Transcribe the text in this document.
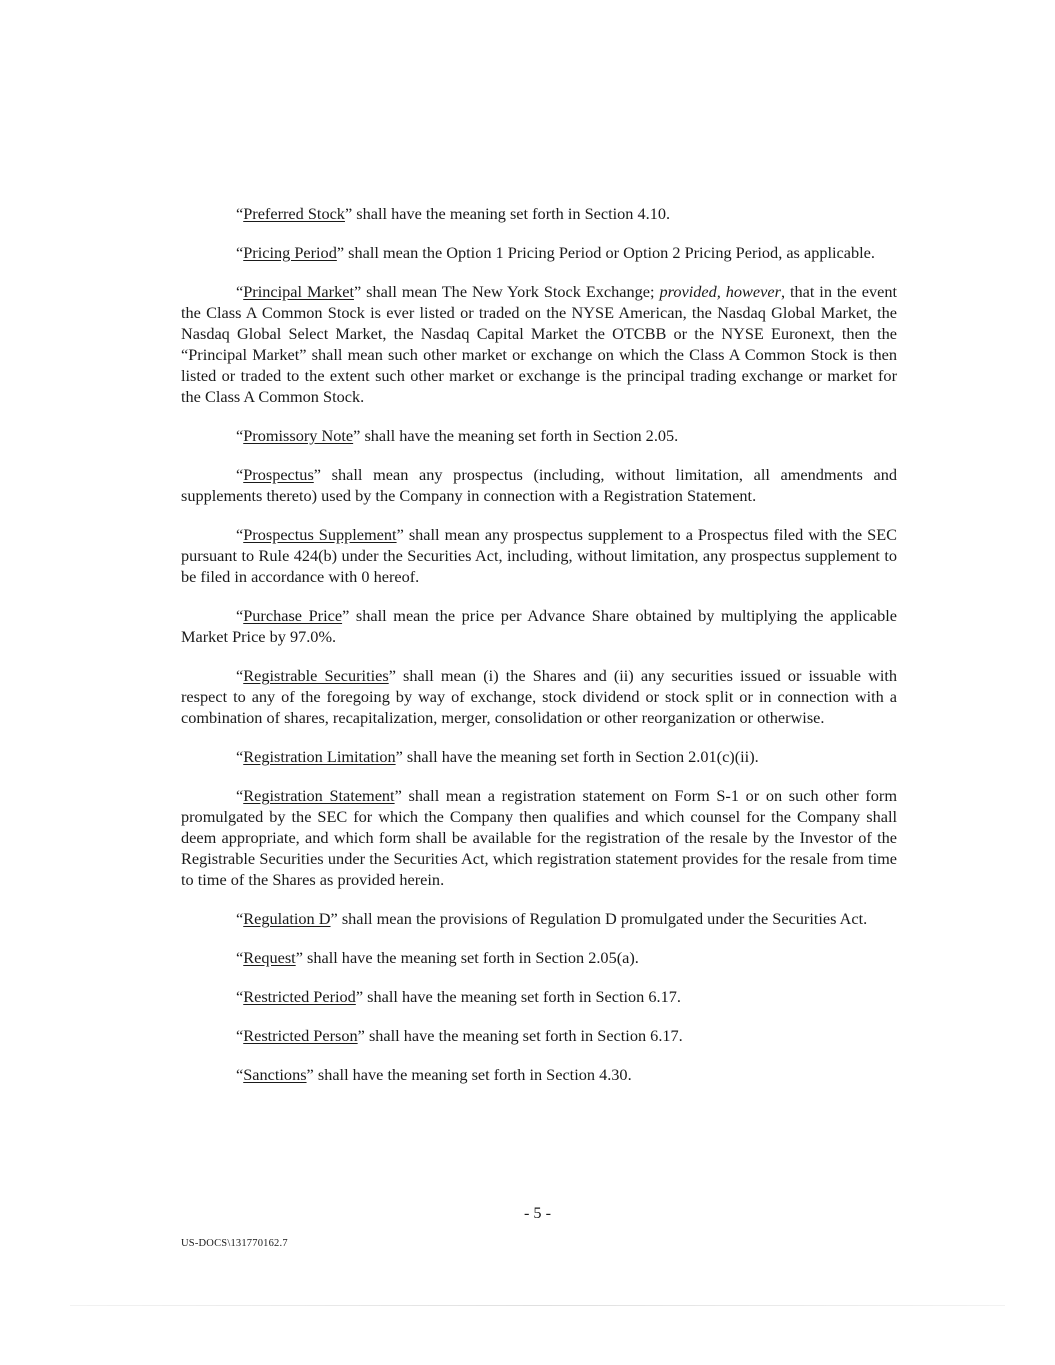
“Preferred Stock” shall have the meaning set forth in Section 4.10.

“Pricing Period” shall mean the Option 1 Pricing Period or Option 2 Pricing Period, as applicable.

“Principal Market” shall mean The New York Stock Exchange; provided, however, that in the event the Class A Common Stock is ever listed or traded on the NYSE American, the Nasdaq Global Market, the Nasdaq Global Select Market, the Nasdaq Capital Market the OTCBB or the NYSE Euronext, then the “Principal Market” shall mean such other market or exchange on which the Class A Common Stock is then listed or traded to the extent such other market or exchange is the principal trading exchange or market for the Class A Common Stock.

“Promissory Note” shall have the meaning set forth in Section 2.05.

“Prospectus” shall mean any prospectus (including, without limitation, all amendments and supplements thereto) used by the Company in connection with a Registration Statement.

“Prospectus Supplement” shall mean any prospectus supplement to a Prospectus filed with the SEC pursuant to Rule 424(b) under the Securities Act, including, without limitation, any prospectus supplement to be filed in accordance with 0 hereof.

“Purchase Price” shall mean the price per Advance Share obtained by multiplying the applicable Market Price by 97.0%.

“Registrable Securities” shall mean (i) the Shares and (ii) any securities issued or issuable with respect to any of the foregoing by way of exchange, stock dividend or stock split or in connection with a combination of shares, recapitalization, merger, consolidation or other reorganization or otherwise.

“Registration Limitation” shall have the meaning set forth in Section 2.01(c)(ii).

“Registration Statement” shall mean a registration statement on Form S-1 or on such other form promulgated by the SEC for which the Company then qualifies and which counsel for the Company shall deem appropriate, and which form shall be available for the registration of the resale by the Investor of the Registrable Securities under the Securities Act, which registration statement provides for the resale from time to time of the Shares as provided herein.

“Regulation D” shall mean the provisions of Regulation D promulgated under the Securities Act.

“Request” shall have the meaning set forth in Section 2.05(a).

“Restricted Period” shall have the meaning set forth in Section 6.17.

“Restricted Person” shall have the meaning set forth in Section 6.17.

“Sanctions” shall have the meaning set forth in Section 4.30.

- 5 -
US-DOCS\131770162.7
